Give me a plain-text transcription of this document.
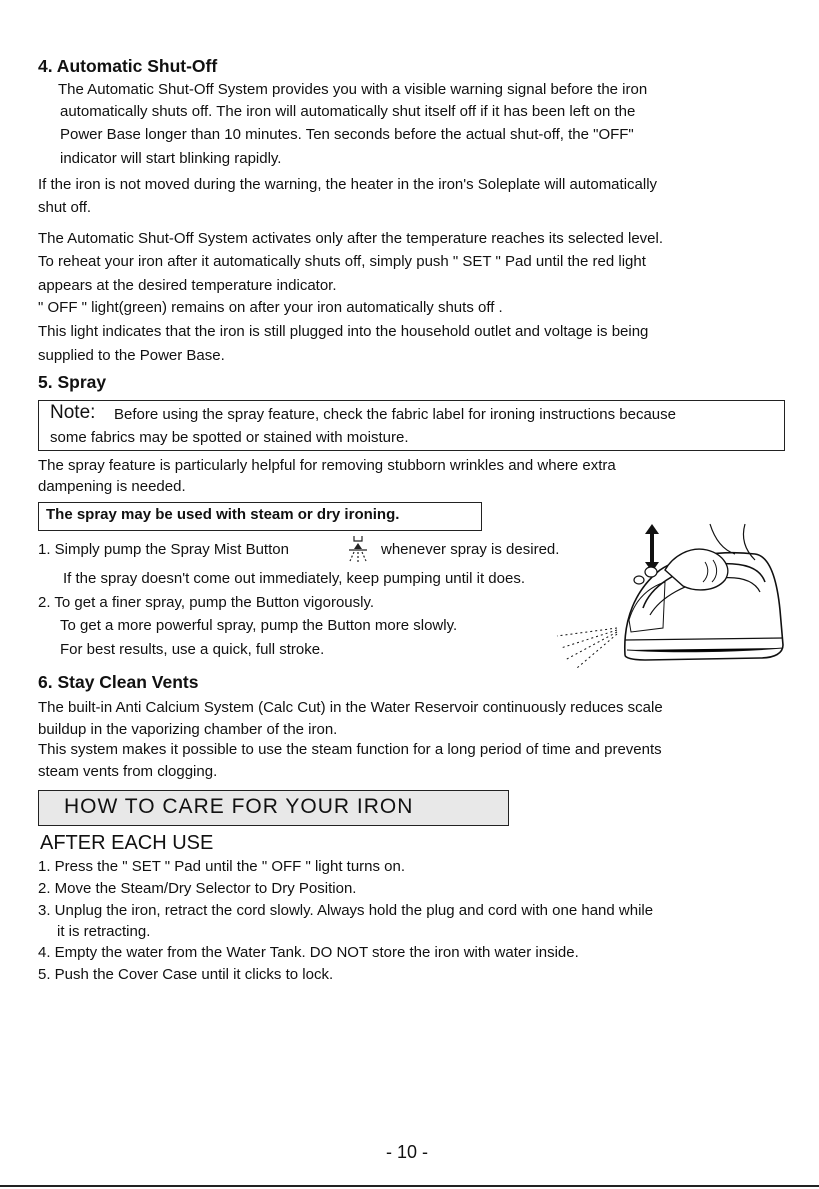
4. Automatic Shut-Off
The Automatic Shut-Off System provides you with a visible warning signal before the iron
automatically shuts off. The iron will automatically shut itself off if it has been left on the
Power Base longer than 10 minutes. Ten seconds before the actual shut-off, the "OFF"
indicator will start blinking rapidly.
If the iron is not moved during the warning, the heater in the iron's Soleplate will automatically
shut off.
The Automatic Shut-Off System activates only after the temperature reaches its selected level.
To reheat your iron after it automatically shuts off, simply push " SET " Pad until the red light
appears at the desired temperature indicator.
" OFF " light(green) remains on after your iron automatically shuts off .
This light indicates that the iron is still plugged into the household outlet and voltage is being
supplied to the Power Base.
5. Spray
Note: Before using the spray feature, check the fabric label for ironing instructions because
some fabrics may be spotted or stained with moisture.
The spray feature is particularly helpful for removing stubborn wrinkles and where extra
dampening is needed.
The spray may be used with steam or dry ironing.
1. Simply pump the Spray Mist Button	whenever spray is desired.
If the spray doesn't come out immediately, keep pumping until it does.
2. To get a finer spray, pump the Button vigorously.
To get a more powerful spray, pump the Button more slowly.
For best results, use a quick, full stroke.
6. Stay Clean Vents
The built-in Anti Calcium System (Calc Cut) in the Water Reservoir continuously reduces scale
buildup in the vaporizing chamber of the iron.
This system makes it possible to use the steam function for a long period of time and prevents
steam vents from clogging.
HOW TO CARE FOR YOUR IRON
AFTER EACH USE
1. Press the " SET " Pad until the " OFF " light turns on.
2. Move the Steam/Dry Selector to Dry Position.
3. Unplug the iron, retract the cord slowly. Always hold the plug and cord with one hand while
it is retracting.
4. Empty the water from the Water Tank. DO NOT store the iron with water inside.
5. Push the Cover Case until it clicks to lock.
- 10 -
